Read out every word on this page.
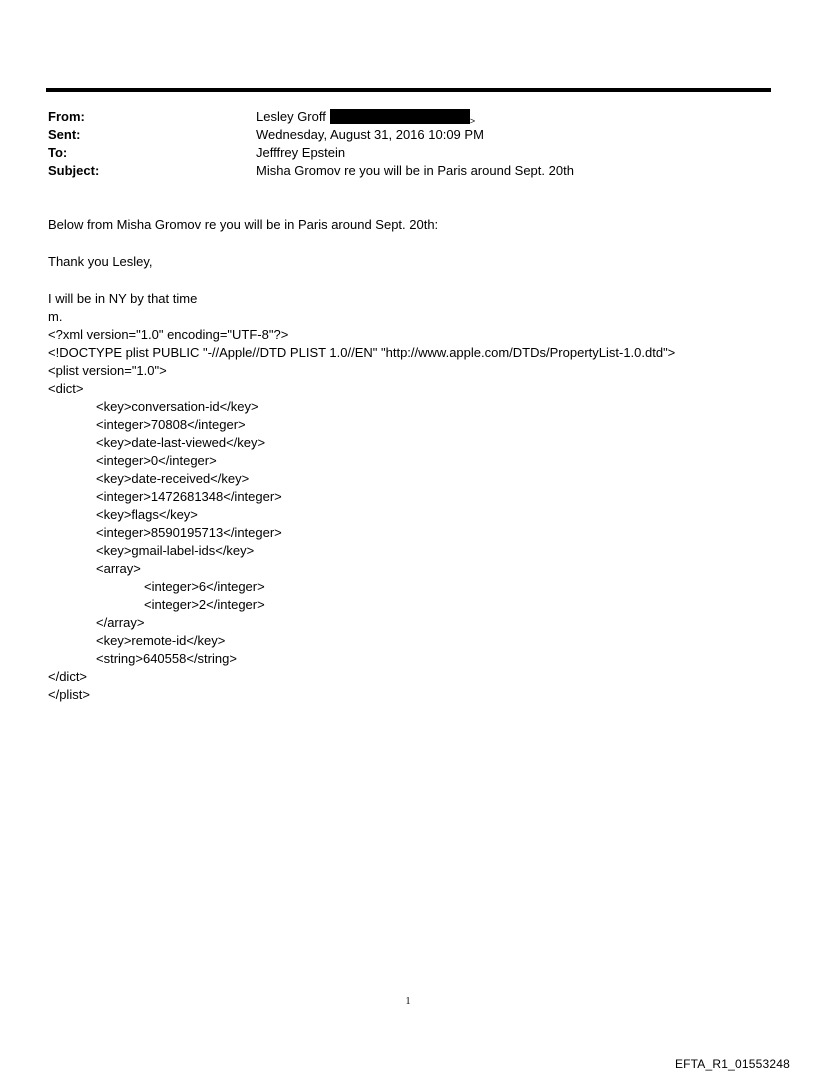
From:	Lesley Groff	$_>$
Sent:	Wednesday, August 31, 2016 10:09 PM
To:	Jefffrey Epstein
Subject:	Misha Gromov re you will be in Paris around Sept. 20th
Below from Misha Gromov re you will be in Paris around Sept. 20th:
Thank you Lesley,
I will be in NY by that time
m.
<?xml version="1.0" encoding="UTF-8"?>
<!DOCTYPE plist PUBLIC "-//Apple//DTD PLIST 1.0//EN" "http://www.apple.com/DTDs/PropertyList-1.0.dtd">
<plist version="1.0">
<dict>
<key>conversation-id</key>
<integer>70808</integer>
<key>date-last-viewed</key>
<integer>0</integer>
<key>date-received</key>
<integer>1472681348</integer>
<key>flags</key>
<integer>8590195713</integer>
<key>gmail-label-ids</key>
<array>
<integer>6</integer>
<integer>2</integer>
</array>
<key>remote-id</key>
<string>640558</string>
</dict>
</plist>
1
EFTA_R1_01553248
